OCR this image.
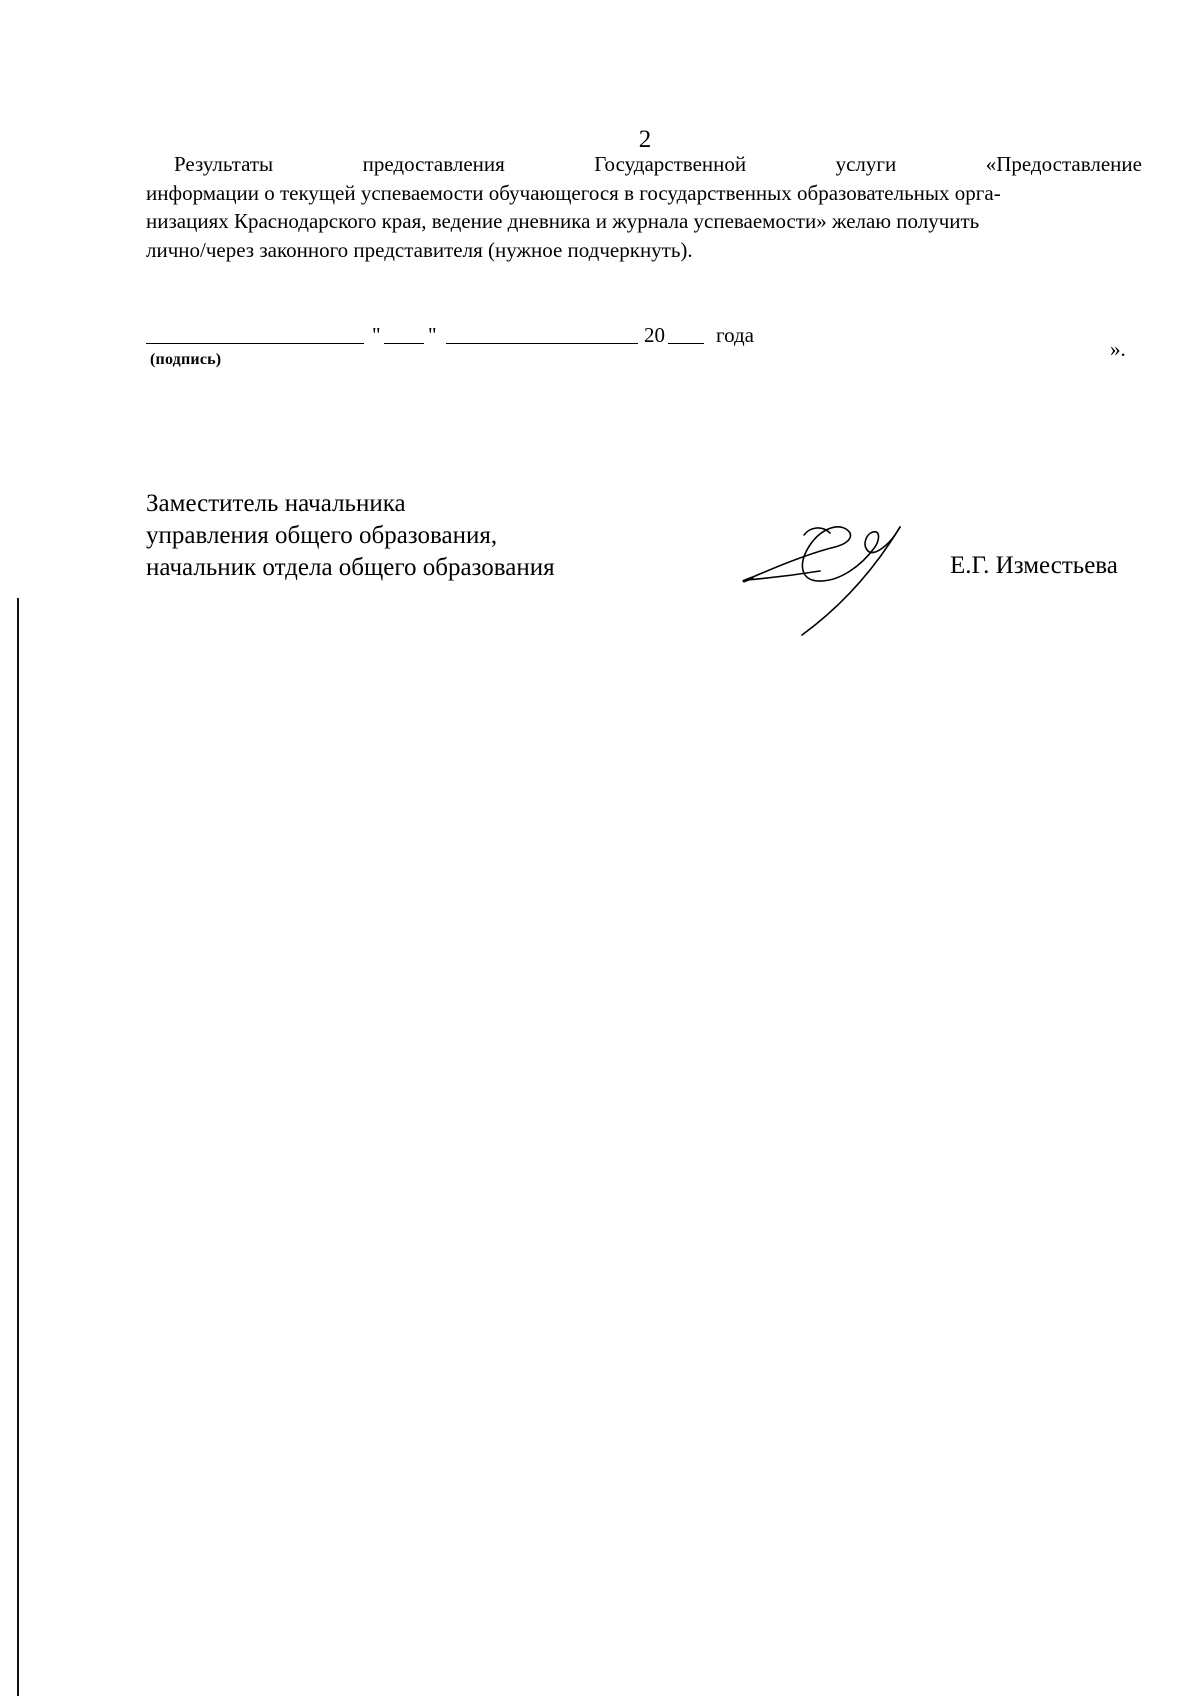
2
Результаты	предоставления	Государственной	услуги	«Предоставление
информации о текущей успеваемости обучающегося в государственных образовательных орга-
низациях Краснодарского края, ведение дневника и журнала успеваемости» желаю получить
лично/через законного представителя (нужное подчеркнуть).
" "	20 года
(подпись)	».
Заместитель начальника
управления общего образования,
начальник отдела общего образования	Е.Г. Изместьева
